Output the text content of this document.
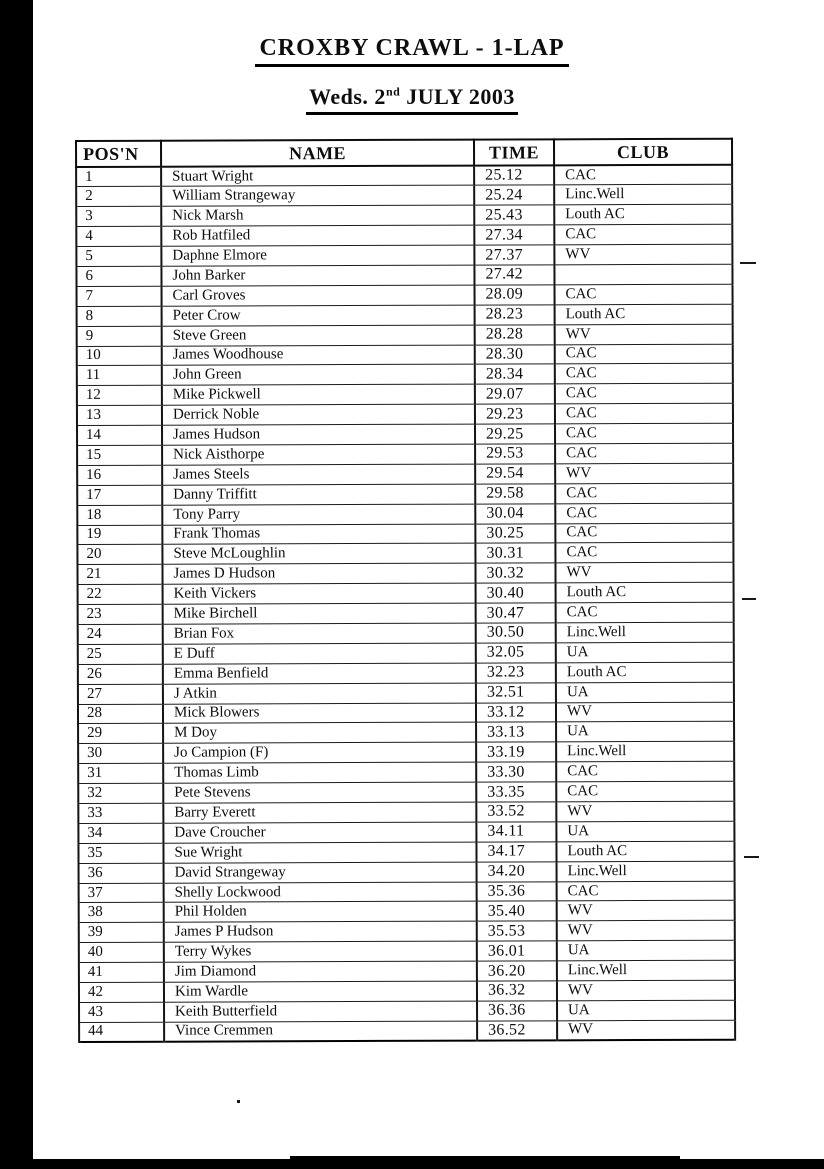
CROXBY CRAWL - 1-LAP
Weds. 2nd JULY 2003
POS'N	NAME	TIME	CLUB
1	Stuart Wright	25.12	CAC
2	William Strangeway	25.24	Linc.Well
3	Nick Marsh	25.43	Louth AC
4	Rob Hatfiled	27.34	CAC
5	Daphne Elmore	27.37	WV
6	John Barker	27.42	
7	Carl Groves	28.09	CAC
8	Peter Crow	28.23	Louth AC
9	Steve Green	28.28	WV
10	James Woodhouse	28.30	CAC
11	John Green	28.34	CAC
12	Mike Pickwell	29.07	CAC
13	Derrick Noble	29.23	CAC
14	James Hudson	29.25	CAC
15	Nick Aisthorpe	29.53	CAC
16	James Steels	29.54	WV
17	Danny Triffitt	29.58	CAC
18	Tony Parry	30.04	CAC
19	Frank Thomas	30.25	CAC
20	Steve McLoughlin	30.31	CAC
21	James D Hudson	30.32	WV
22	Keith Vickers	30.40	Louth AC
23	Mike Birchell	30.47	CAC
24	Brian Fox	30.50	Linc.Well
25	E Duff	32.05	UA
26	Emma Benfield	32.23	Louth AC
27	J Atkin	32.51	UA
28	Mick Blowers	33.12	WV
29	M Doy	33.13	UA
30	Jo Campion (F)	33.19	Linc.Well
31	Thomas Limb	33.30	CAC
32	Pete Stevens	33.35	CAC
33	Barry Everett	33.52	WV
34	Dave Croucher	34.11	UA
35	Sue Wright	34.17	Louth AC
36	David Strangeway	34.20	Linc.Well
37	Shelly Lockwood	35.36	CAC
38	Phil Holden	35.40	WV
39	James P Hudson	35.53	WV
40	Terry Wykes	36.01	UA
41	Jim Diamond	36.20	Linc.Well
42	Kim Wardle	36.32	WV
43	Keith Butterfield	36.36	UA
44	Vince Cremmen	36.52	WV
